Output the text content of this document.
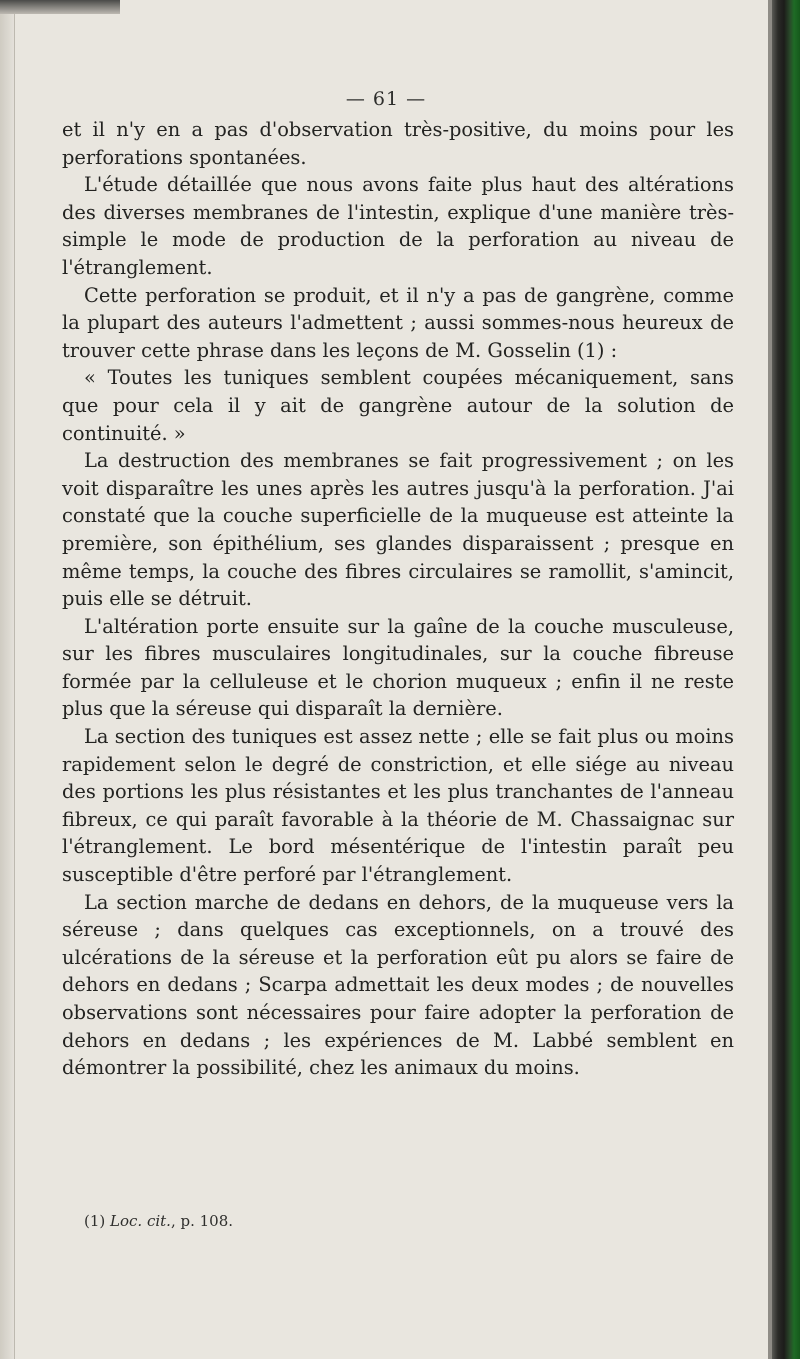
— 61 —

et il n'y en a pas d'observation très-positive, du moins pour les perforations spontanées.

L'étude détaillée que nous avons faite plus haut des altérations des diverses membranes de l'intestin, explique d'une manière très-simple le mode de production de la perforation au niveau de l'étranglement.

Cette perforation se produit, et il n'y a pas de gangrène, comme la plupart des auteurs l'admettent ; aussi sommes-nous heureux de trouver cette phrase dans les leçons de M. Gosselin (1) :

« Toutes les tuniques semblent coupées mécaniquement, sans que pour cela il y ait de gangrène autour de la solution de continuité. »

La destruction des membranes se fait progressivement ; on les voit disparaître les unes après les autres jusqu'à la perforation. J'ai constaté que la couche superficielle de la muqueuse est atteinte la première, son épithélium, ses glandes disparaissent ; presque en même temps, la couche des fibres circulaires se ramollit, s'amincit, puis elle se détruit.

L'altération porte ensuite sur la gaîne de la couche musculeuse, sur les fibres musculaires longitudinales, sur la couche fibreuse formée par la celluleuse et le chorion muqueux ; enfin il ne reste plus que la séreuse qui disparaît la dernière.

La section des tuniques est assez nette ; elle se fait plus ou moins rapidement selon le degré de constriction, et elle siége au niveau des portions les plus résistantes et les plus tranchantes de l'anneau fibreux, ce qui paraît favorable à la théorie de M. Chassaignac sur l'étranglement. Le bord mésentérique de l'intestin paraît peu susceptible d'être perforé par l'étranglement.

La section marche de dedans en dehors, de la muqueuse vers la séreuse ; dans quelques cas exceptionnels, on a trouvé des ulcérations de la séreuse et la perforation eût pu alors se faire de dehors en dedans ; Scarpa admettait les deux modes ; de nouvelles observations sont nécessaires pour faire adopter la perforation de dehors en dedans ; les expériences de M. Labbé semblent en démontrer la possibilité, chez les animaux du moins.

(1) Loc. cit., p. 108.
